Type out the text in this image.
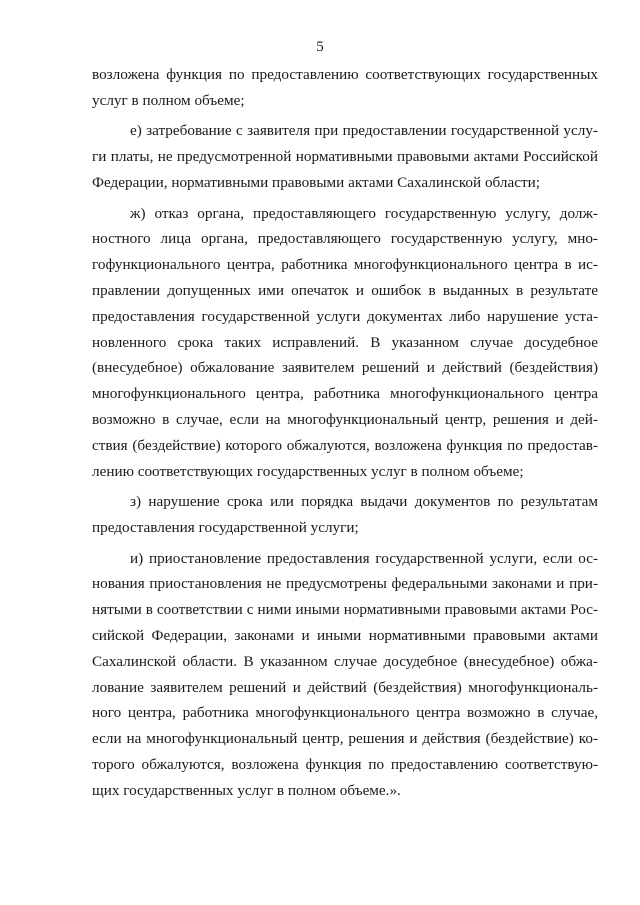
5
возложена функция по предоставлению соответствующих государственных
услуг в полном объеме;
е) затребование с заявителя при предоставлении государственной услу-
ги платы, не предусмотренной нормативными правовыми актами Российской
Федерации, нормативными правовыми актами Сахалинской области;
ж) отказ органа, предоставляющего государственную услугу, долж-
ностного лица органа, предоставляющего государственную услугу, мно-
гофункционального центра, работника многофункционального центра в ис-
правлении допущенных ими опечаток и ошибок в выданных в результате
предоставления государственной услуги документах либо нарушение уста-
новленного срока таких исправлений. В указанном случае досудебное
(внесудебное) обжалование заявителем решений и действий (бездействия)
многофункционального центра, работника многофункционального центра
возможно в случае, если на многофункциональный центр, решения и дей-
ствия (бездействие) которого обжалуются, возложена функция по предостав-
лению соответствующих государственных услуг в полном объеме;
з) нарушение срока или порядка выдачи документов по результатам
предоставления государственной услуги;
и) приостановление предоставления государственной услуги, если ос-
нования приостановления не предусмотрены федеральными законами и при-
нятыми в соответствии с ними иными нормативными правовыми актами Рос-
сийской Федерации, законами и иными нормативными правовыми актами
Сахалинской области. В указанном случае досудебное (внесудебное) обжа-
лование заявителем решений и действий (бездействия) многофункциональ-
ного центра, работника многофункционального центра возможно в случае,
если на многофункциональный центр, решения и действия (бездействие) ко-
торого обжалуются, возложена функция по предоставлению соответствую-
щих государственных услуг в полном объеме.».
